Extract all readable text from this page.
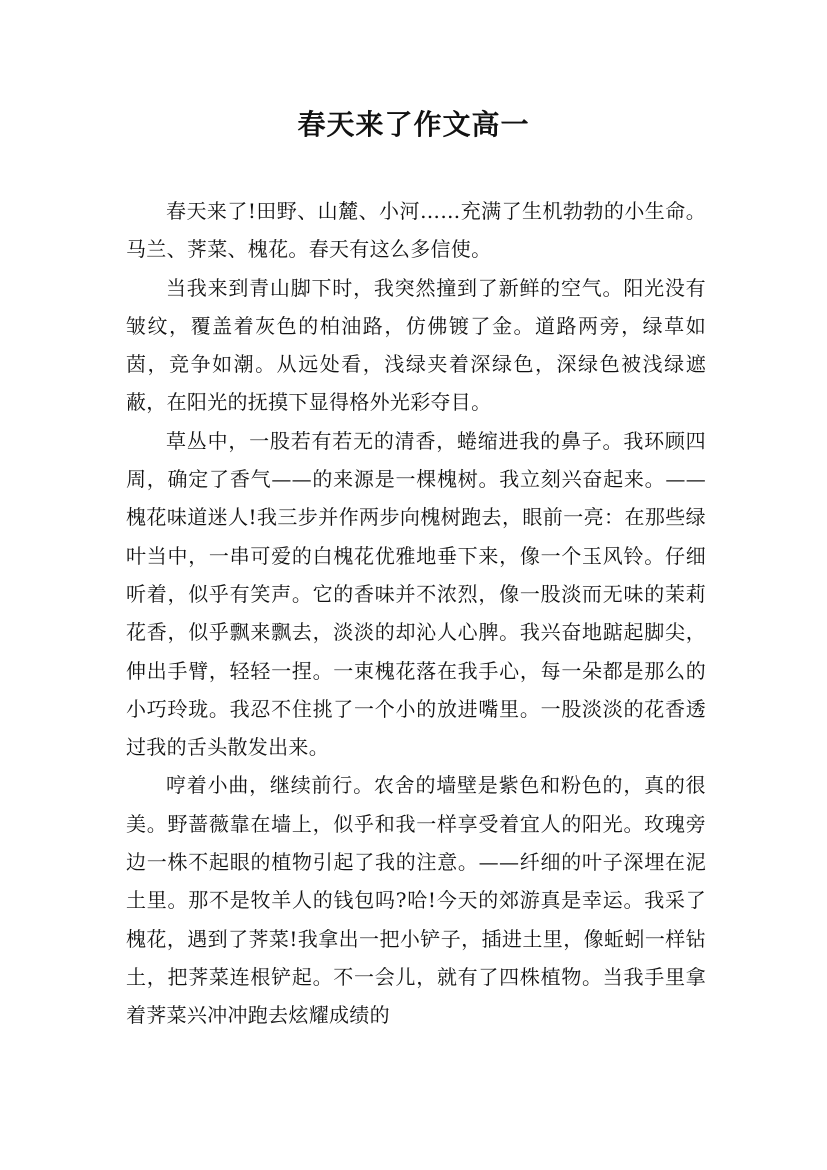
春天来了作文高一

春天来了!田野、山麓、小河……充满了生机勃勃的小生命。马兰、荠菜、槐花。春天有这么多信使。

当我来到青山脚下时，我突然撞到了新鲜的空气。阳光没有皱纹，覆盖着灰色的柏油路，仿佛镀了金。道路两旁，绿草如茵，竞争如潮。从远处看，浅绿夹着深绿色，深绿色被浅绿遮蔽，在阳光的抚摸下显得格外光彩夺目。

草丛中，一股若有若无的清香，蜷缩进我的鼻子。我环顾四周，确定了香气——的来源是一棵槐树。我立刻兴奋起来。——槐花味道迷人!我三步并作两步向槐树跑去，眼前一亮：在那些绿叶当中，一串可爱的白槐花优雅地垂下来，像一个玉风铃。仔细听着，似乎有笑声。它的香味并不浓烈，像一股淡而无味的茉莉花香，似乎飘来飘去，淡淡的却沁人心脾。我兴奋地踮起脚尖，伸出手臂，轻轻一捏。一束槐花落在我手心，每一朵都是那么的小巧玲珑。我忍不住挑了一个小的放进嘴里。一股淡淡的花香透过我的舌头散发出来。

哼着小曲，继续前行。农舍的墙壁是紫色和粉色的，真的很美。野蔷薇靠在墙上，似乎和我一样享受着宜人的阳光。玫瑰旁边一株不起眼的植物引起了我的注意。——纤细的叶子深埋在泥土里。那不是牧羊人的钱包吗?哈!今天的郊游真是幸运。我采了槐花，遇到了荠菜!我拿出一把小铲子，插进土里，像蚯蚓一样钻土，把荠菜连根铲起。不一会儿，就有了四株植物。当我手里拿着荠菜兴冲冲跑去炫耀成绩的
